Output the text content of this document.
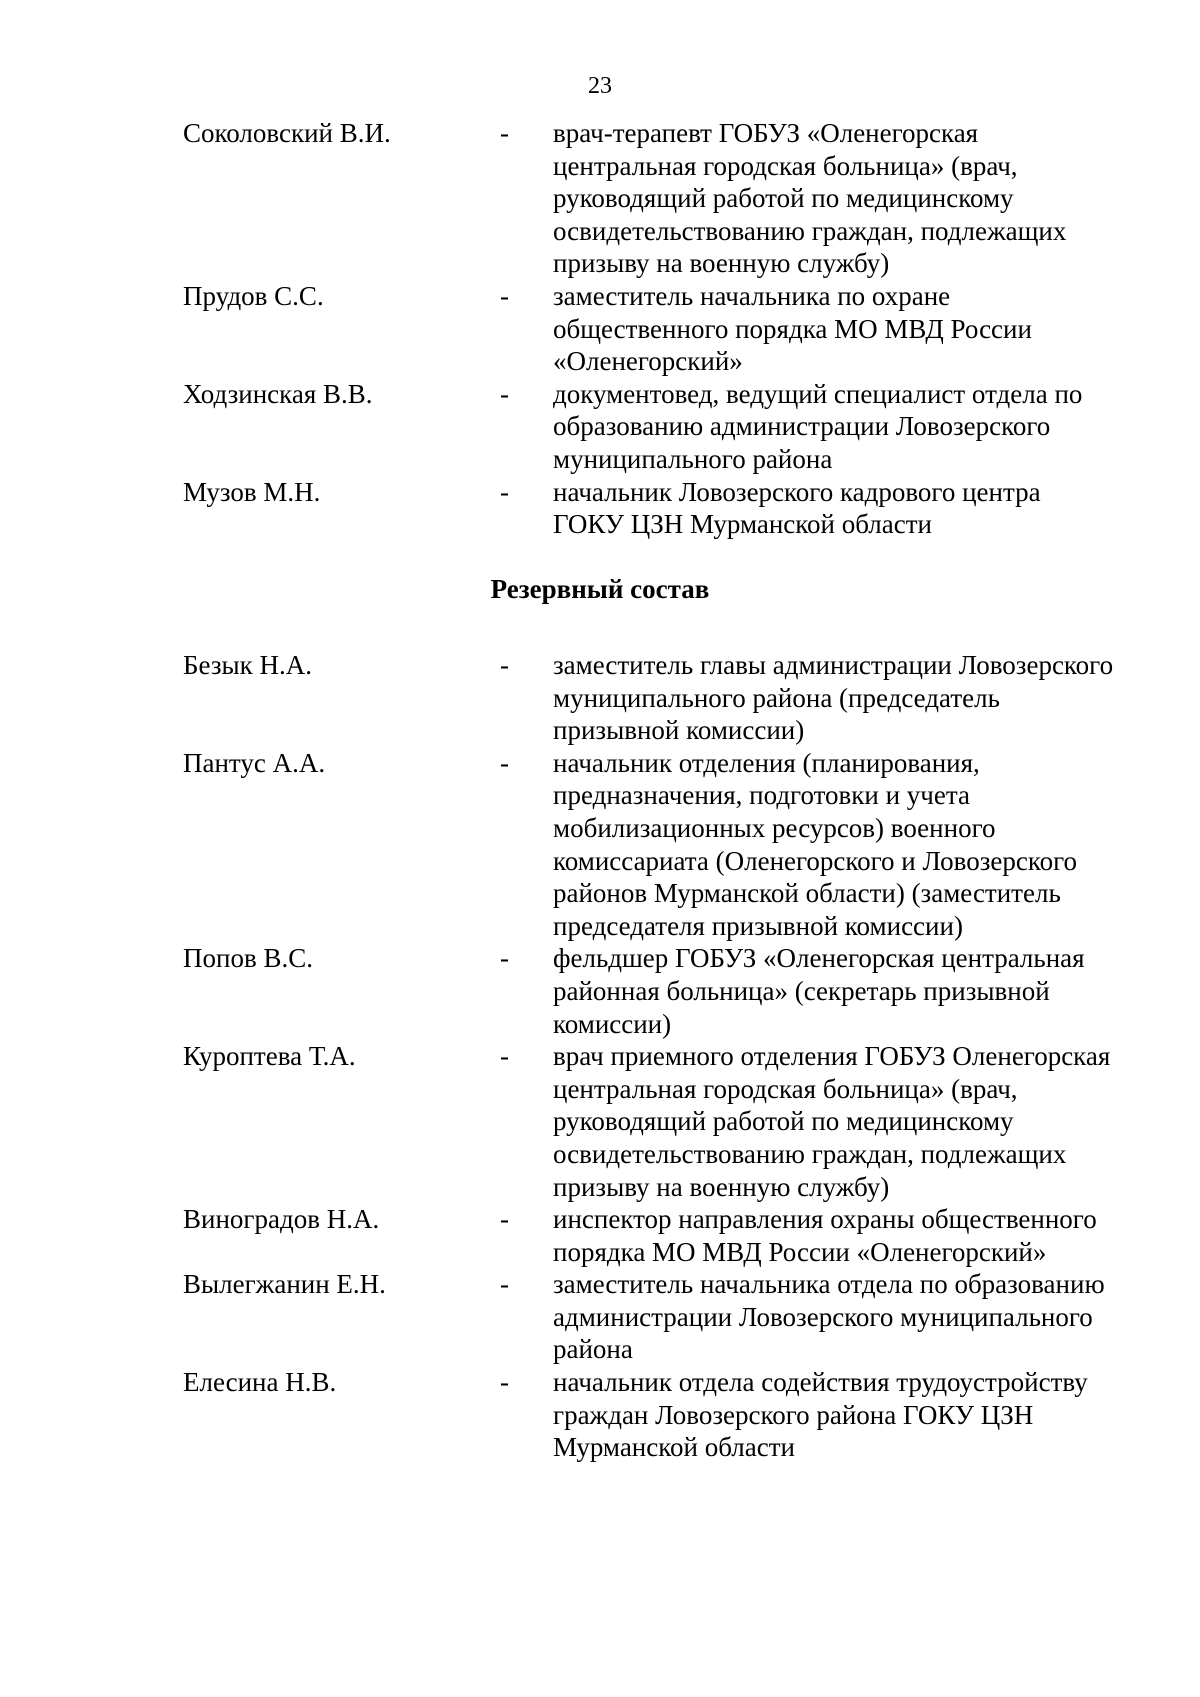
23
Соколовский В.И.	- врач-терапевт ГОБУЗ «Оленегорская
центральная городская больница» (врач,
руководящий работой по медицинскому
освидетельствованию граждан, подлежащих
призыву на военную службу)
Прудов С.С.	- заместитель начальника по охране
общественного порядка МО МВД России
«Оленегорский»
Ходзинская В.В.	- документовед, ведущий специалист отдела по
образованию администрации Ловозерского
муниципального района
Музов М.Н.	- начальник Ловозерского кадрового центра
ГОКУ ЦЗН Мурманской области
Резервный состав
Безык Н.А.	- заместитель главы администрации Ловозерского
муниципального района (председатель
призывной комиссии)
Пантус А.А.	- начальник отделения (планирования,
предназначения, подготовки и учета
мобилизационных ресурсов) военного
комиссариата (Оленегорского и Ловозерского
районов Мурманской области) (заместитель
председателя призывной комиссии)
Попов В.С.	- фельдшер ГОБУЗ «Оленегорская центральная
районная больница» (секретарь призывной
комиссии)
Куроптева Т.А.	- врач приемного отделения ГОБУЗ Оленегорская
центральная городская больница» (врач,
руководящий работой по медицинскому
освидетельствованию граждан, подлежащих
призыву на военную службу)
Виноградов Н.А.	- инспектор направления охраны общественного
порядка МО МВД России «Оленегорский»
Вылегжанин Е.Н.	- заместитель начальника отдела по образованию
администрации Ловозерского муниципального
района
Елесина Н.В.	- начальник отдела содействия трудоустройству
граждан Ловозерского района ГОКУ ЦЗН
Мурманской области
